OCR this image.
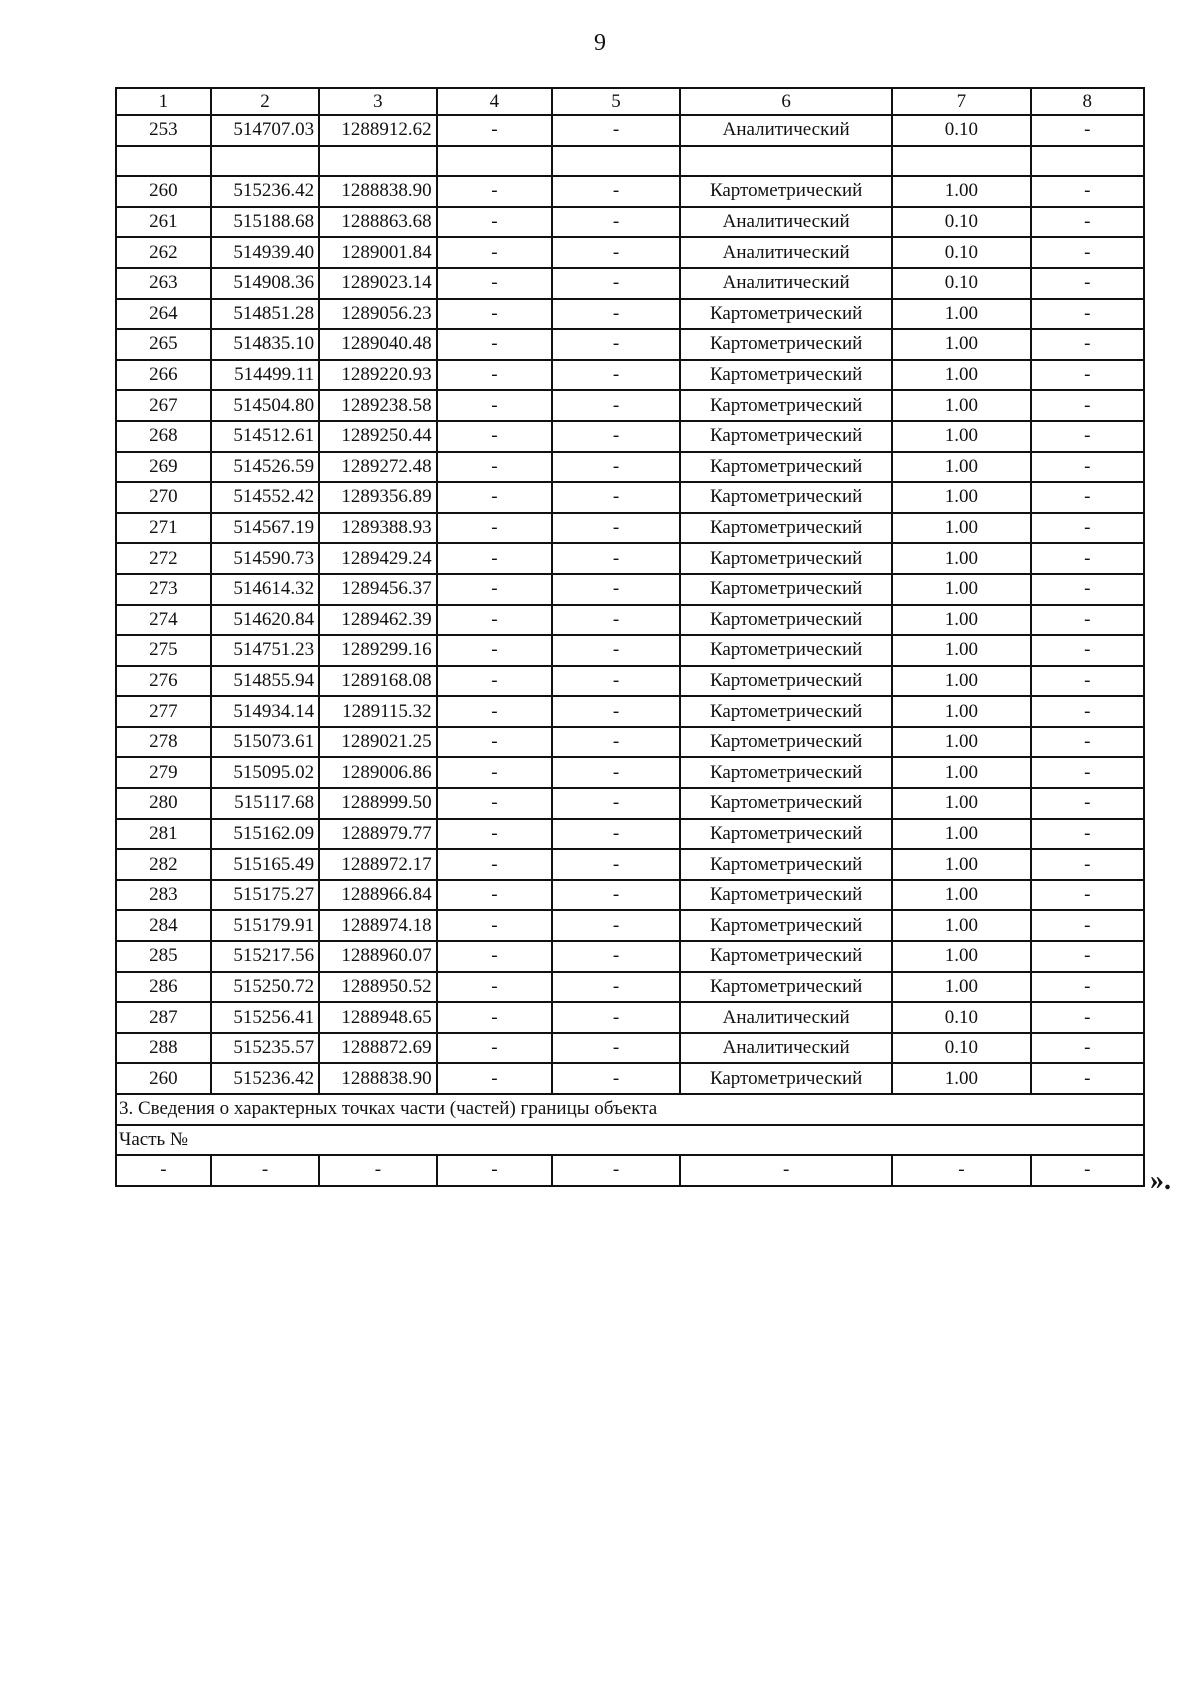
9
1	2	3	4	5	6	7	8
253	514707.03	1288912.62	-	-	Аналитический	0.10	-

260	515236.42	1288838.90	-	-	Картометрический	1.00	-
261	515188.68	1288863.68	-	-	Аналитический	0.10	-
262	514939.40	1289001.84	-	-	Аналитический	0.10	-
263	514908.36	1289023.14	-	-	Аналитический	0.10	-
264	514851.28	1289056.23	-	-	Картометрический	1.00	-
265	514835.10	1289040.48	-	-	Картометрический	1.00	-
266	514499.11	1289220.93	-	-	Картометрический	1.00	-
267	514504.80	1289238.58	-	-	Картометрический	1.00	-
268	514512.61	1289250.44	-	-	Картометрический	1.00	-
269	514526.59	1289272.48	-	-	Картометрический	1.00	-
270	514552.42	1289356.89	-	-	Картометрический	1.00	-
271	514567.19	1289388.93	-	-	Картометрический	1.00	-
272	514590.73	1289429.24	-	-	Картометрический	1.00	-
273	514614.32	1289456.37	-	-	Картометрический	1.00	-
274	514620.84	1289462.39	-	-	Картометрический	1.00	-
275	514751.23	1289299.16	-	-	Картометрический	1.00	-
276	514855.94	1289168.08	-	-	Картометрический	1.00	-
277	514934.14	1289115.32	-	-	Картометрический	1.00	-
278	515073.61	1289021.25	-	-	Картометрический	1.00	-
279	515095.02	1289006.86	-	-	Картометрический	1.00	-
280	515117.68	1288999.50	-	-	Картометрический	1.00	-
281	515162.09	1288979.77	-	-	Картометрический	1.00	-
282	515165.49	1288972.17	-	-	Картометрический	1.00	-
283	515175.27	1288966.84	-	-	Картометрический	1.00	-
284	515179.91	1288974.18	-	-	Картометрический	1.00	-
285	515217.56	1288960.07	-	-	Картометрический	1.00	-
286	515250.72	1288950.52	-	-	Картометрический	1.00	-
287	515256.41	1288948.65	-	-	Аналитический	0.10	-
288	515235.57	1288872.69	-	-	Аналитический	0.10	-
260	515236.42	1288838.90	-	-	Картометрический	1.00	-
3. Сведения о характерных точках части (частей) границы объекта							
Часть №							
-	-	-	-	-	-	-	- ».
